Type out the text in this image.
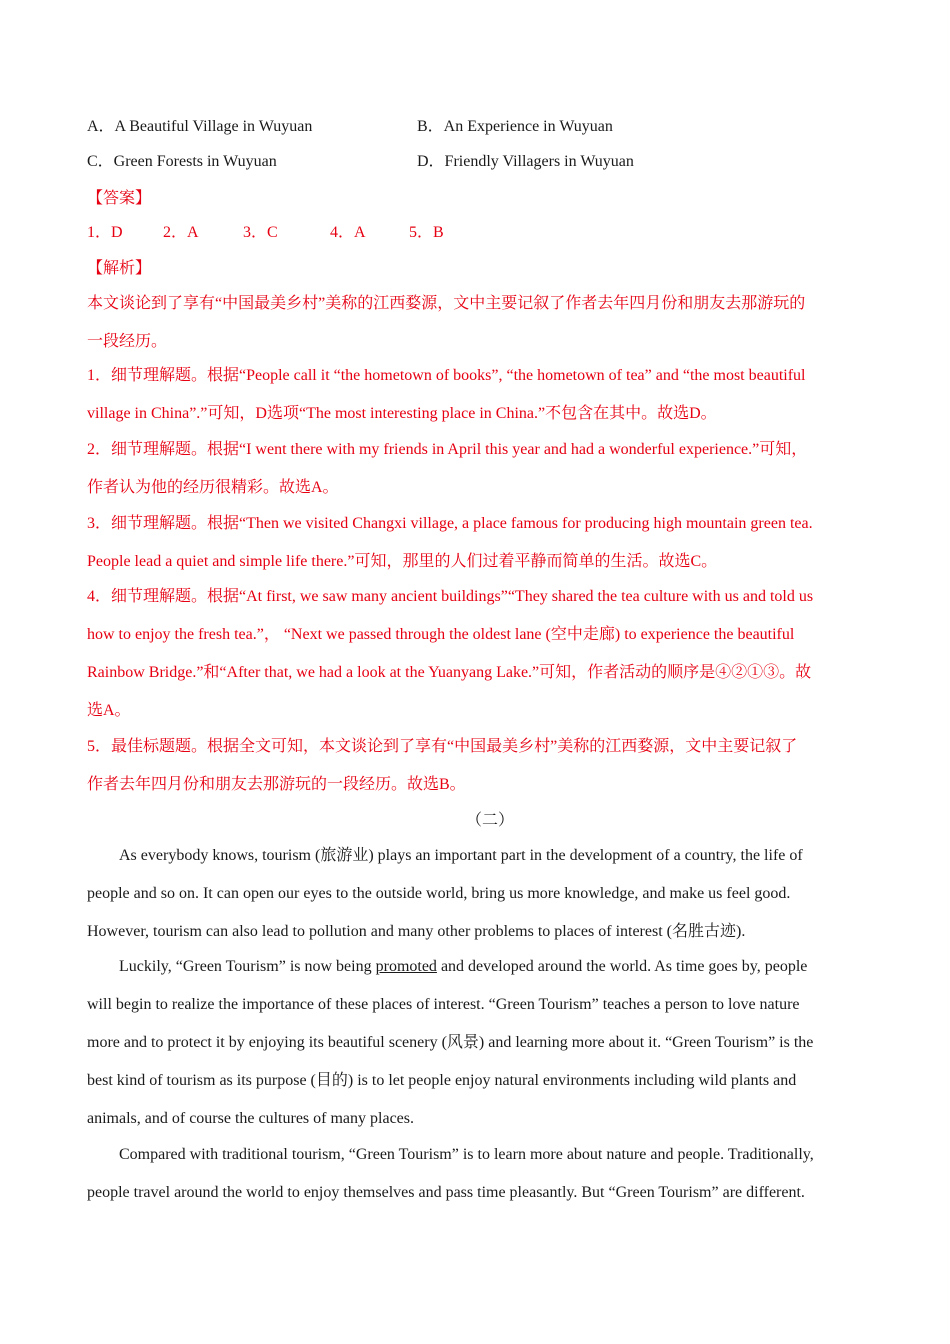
A．A Beautiful Village in Wuyuan	B．An Experience in Wuyuan
C．Green Forests in Wuyuan	D．Friendly Villagers in Wuyuan
【答案】
1．D	2．A	3．C	4．A	5．B
【解析】
本文谈论到了享有“中国最美乡村”美称的江西婺源，文中主要记叙了作者去年四月份和朋友去那游玩的
一段经历。
1．细节理解题。根据“People call it “the hometown of books”, “the hometown of tea” and “the most beautiful
village in China”.”可知，D选项“The most interesting place in China.”不包含在其中。故选D。
2．细节理解题。根据“I went there with my friends in April this year and had a wonderful experience.”可知，
作者认为他的经历很精彩。故选A。
3．细节理解题。根据“Then we visited Changxi village, a place famous for producing high mountain green tea.
People lead a quiet and simple life there.”可知，那里的人们过着平静而简单的生活。故选C。
4．细节理解题。根据“At first, we saw many ancient buildings”“They shared the tea culture with us and told us
how to enjoy the fresh tea.”， “Next we passed through the oldest lane (空中走廊) to experience the beautiful
Rainbow Bridge.”和“After that, we had a look at the Yuanyang Lake.”可知，作者活动的顺序是④②①③。故
选A。
5．最佳标题题。根据全文可知，本文谈论到了享有“中国最美乡村”美称的江西婺源，文中主要记叙了
作者去年四月份和朋友去那游玩的一段经历。故选B。
（二）
As everybody knows, tourism (旅游业) plays an important part in the development of a country, the life of
people and so on. It can open our eyes to the outside world, bring us more knowledge, and make us feel good.
However, tourism can also lead to pollution and many other problems to places of interest (名胜古迹).
Luckily, “Green Tourism” is now being promoted and developed around the world. As time goes by, people
will begin to realize the importance of these places of interest. “Green Tourism” teaches a person to love nature
more and to protect it by enjoying its beautiful scenery (风景) and learning more about it. “Green Tourism” is the
best kind of tourism as its purpose (目的) is to let people enjoy natural environments including wild plants and
animals, and of course the cultures of many places.
Compared with traditional tourism, “Green Tourism” is to learn more about nature and people. Traditionally,
people travel around the world to enjoy themselves and pass time pleasantly. But “Green Tourism” are different.
